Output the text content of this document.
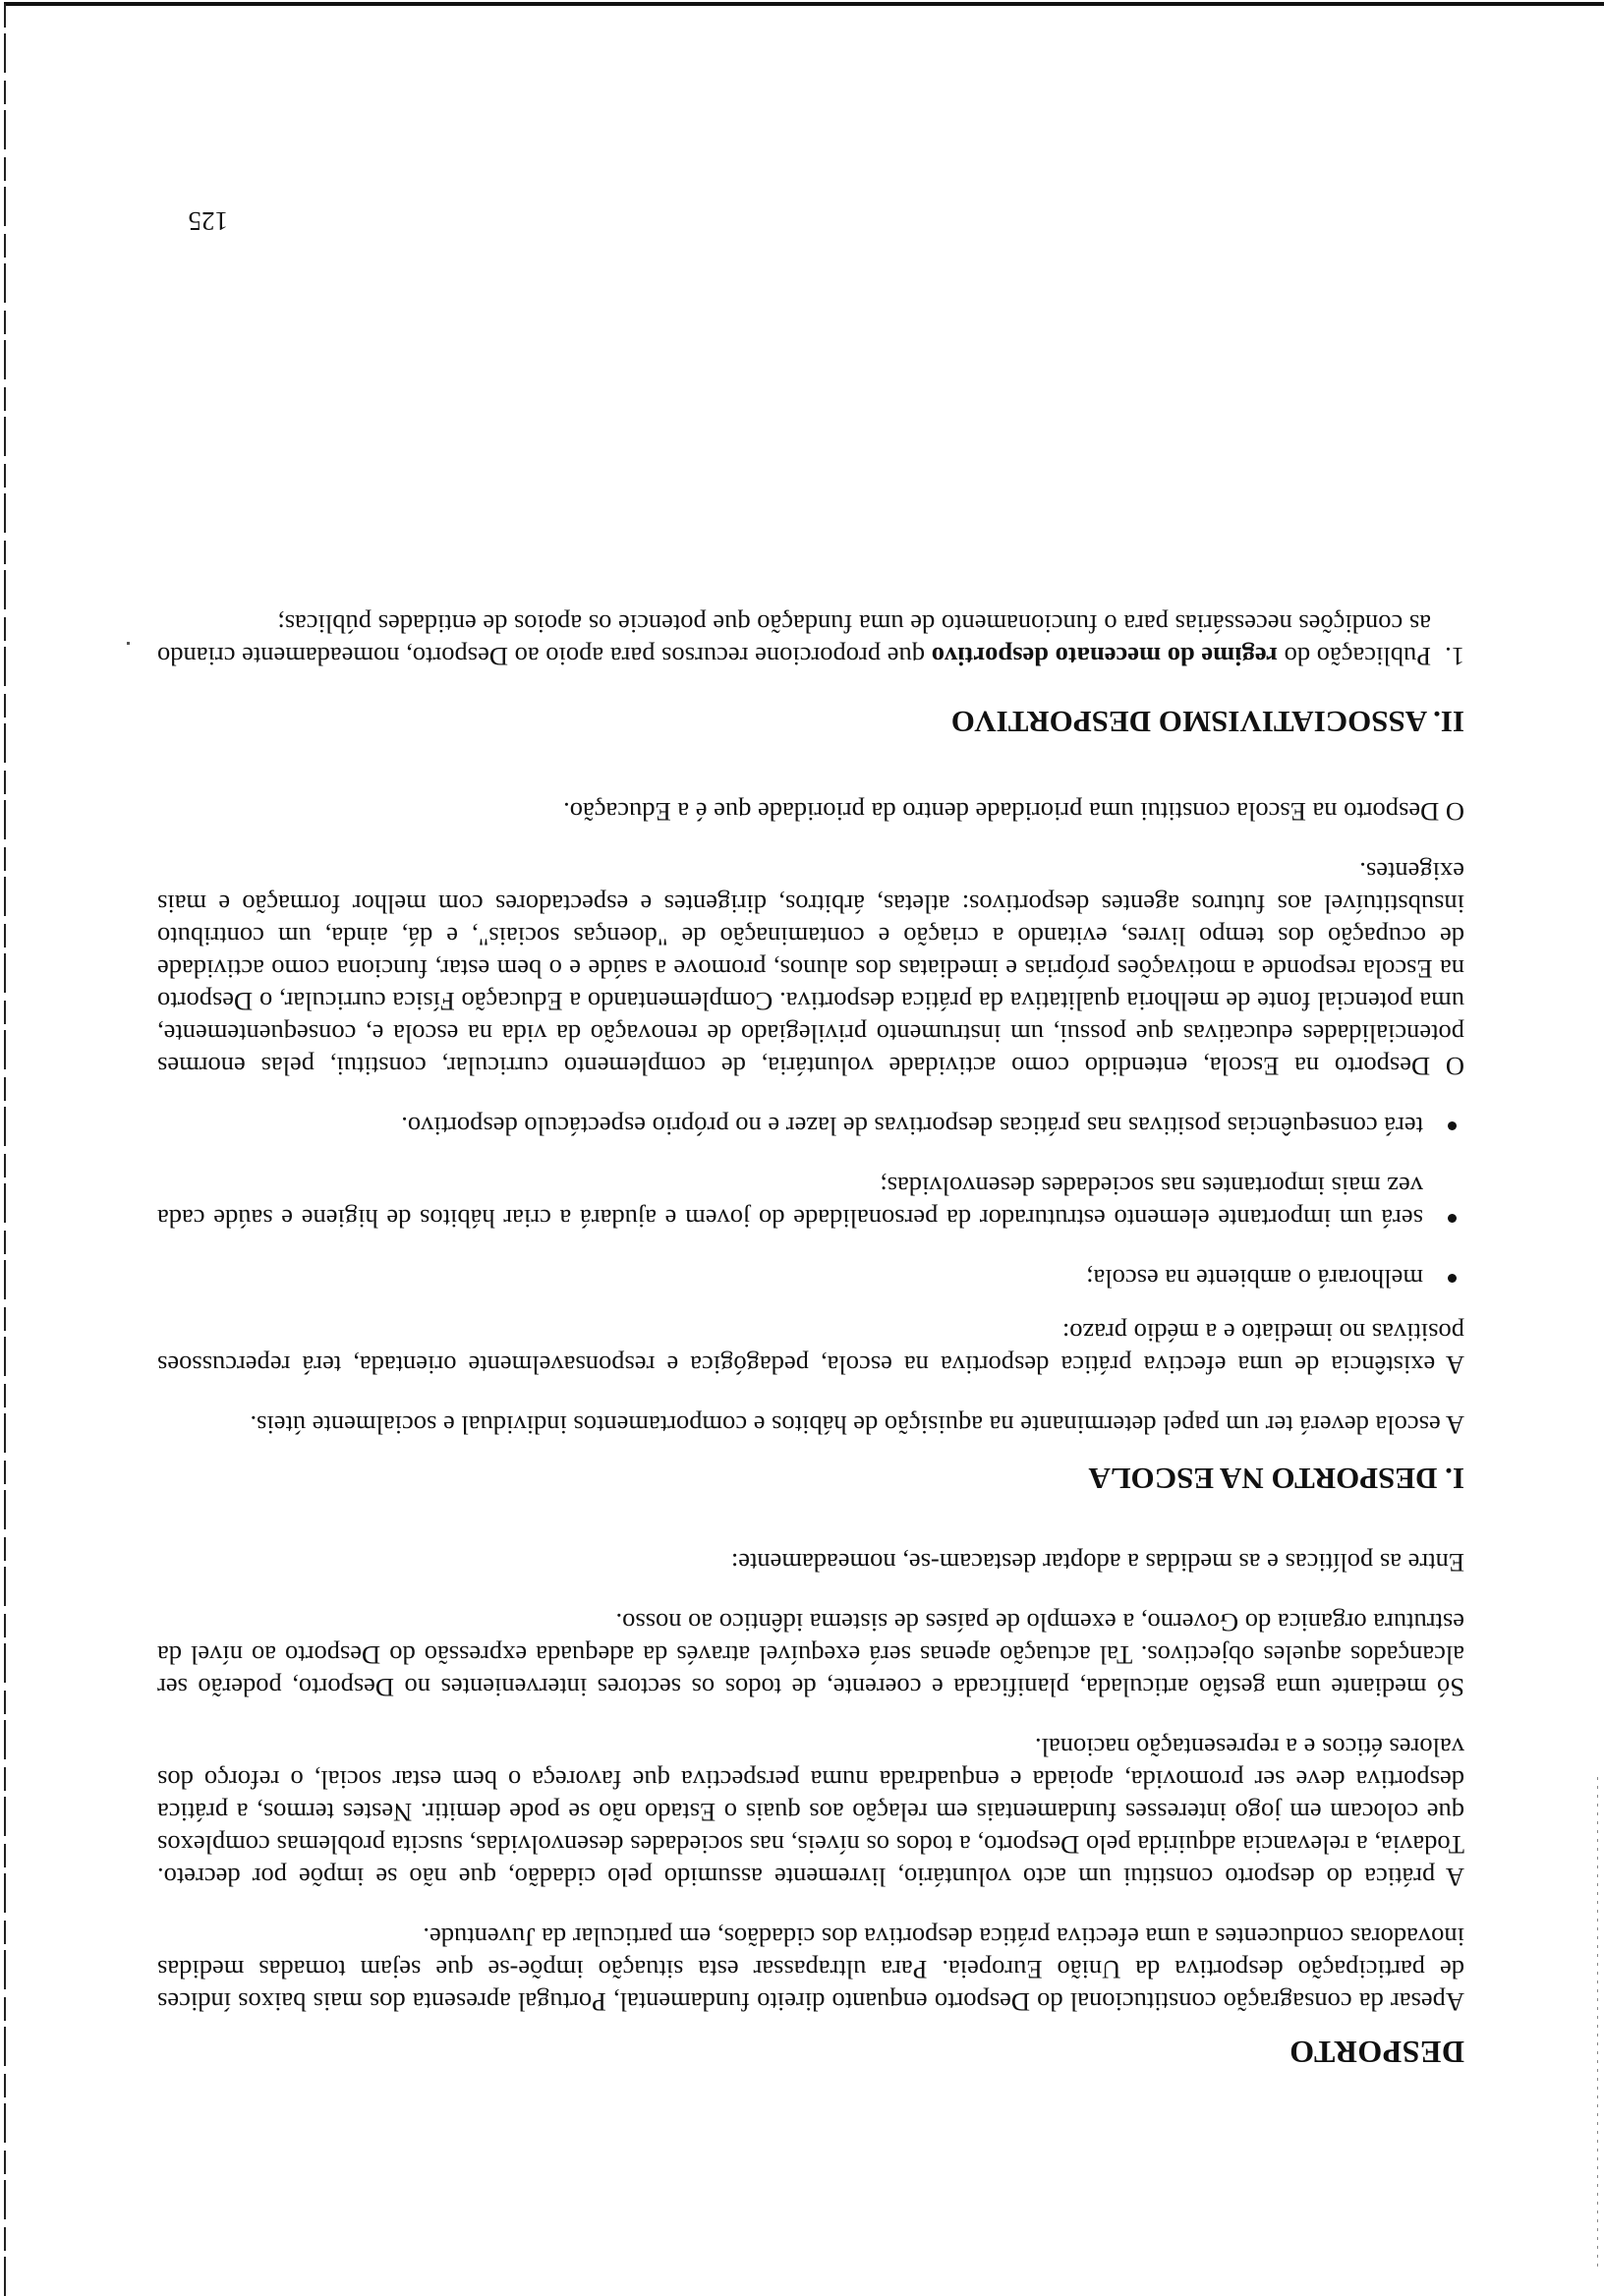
DESPORTO

Apesar da consagração constitucional do Desporto enquanto direito fundamental, Portugal apresenta dos mais baixos índices de participação desportiva da União Europeia. Para ultrapassar esta situação impõe-se que sejam tomadas medidas inovadoras conducentes a uma efectiva prática desportiva dos cidadãos, em particular da Juventude.

A prática do desporto constitui um acto voluntário, livremente assumido pelo cidadão, que não se impõe por decreto. Todavia, a relevancia adquirida pelo Desporto, a todos os níveis, nas sociedades desenvolvidas, suscita problemas complexos que colocam em jogo interesses fundamentais em relação aos quais o Estado não se pode demitir. Nestes termos, a prática desportiva deve ser promovida, apoiada e enquadrada numa perspectiva que favoreça o bem estar social, o reforço dos valores éticos e a representação nacional.

Só mediante uma gestão articulada, planificada e coerente, de todos os sectores intervenientes no Desporto, poderão ser alcançados aqueles objectivos. Tal actuação apenas será exequível através da adequada expressão do Desporto ao nível da estrutura organica do Governo, a exemplo de países de sistema idêntico ao nosso.

Entre as políticas e as medidas a adoptar destacam-se, nomeadamente:

I. DESPORTO NA ESCOLA

A escola deverá ter um papel determinante na aquisição de hábitos e comportamentos individual e socialmente úteis.

A existência de uma efectiva prática desportiva na escola, pedagógica e responsavelmente orientada, terá repercussoes positivas no imediato e a médio prazo:

melhorará o ambiente na escola;
será um importante elemento estruturador da personalidade do jovem e ajudará a criar hábitos de higiene e saúde cada vez mais importantes nas sociedades desenvolvidas;
terá consequências positivas nas práticas desportivas de lazer e no próprio espectáculo desportivo.

O Desporto na Escola, entendido como actividade voluntária, de complemento curricular, constitui, pelas enormes potencialidades educativas que possui, um instrumento privilegiado de renovação da vida na escola e, consequentemente, uma potencial fonte de melhoria qualitativa da prática desportiva. Complementando a Educação Física curricular, o Desporto na Escola responde a motivações próprias e imediatas dos alunos, promove a saúde e o bem estar, funciona como actividade de ocupação dos tempo livres, evitando a criação e contaminação de "doenças sociais", e dá, ainda, um contributo insubstituível aos futuros agentes desportivos: atletas, árbitros, dirigentes e espectadores com melhor formação e mais exigentes.

O Desporto na Escola constitui uma prioridade dentro da prioridade que é a Educação.

II. ASSOCIATIVISMO DESPORTIVO

1.
Publicação do regime do mecenato desportivo que proporcione recursos para apoio ao Desporto, nomeadamente criando as condições necessárias para o funcionamento de uma fundação que potencie os apoios de entidades públicas;

125
